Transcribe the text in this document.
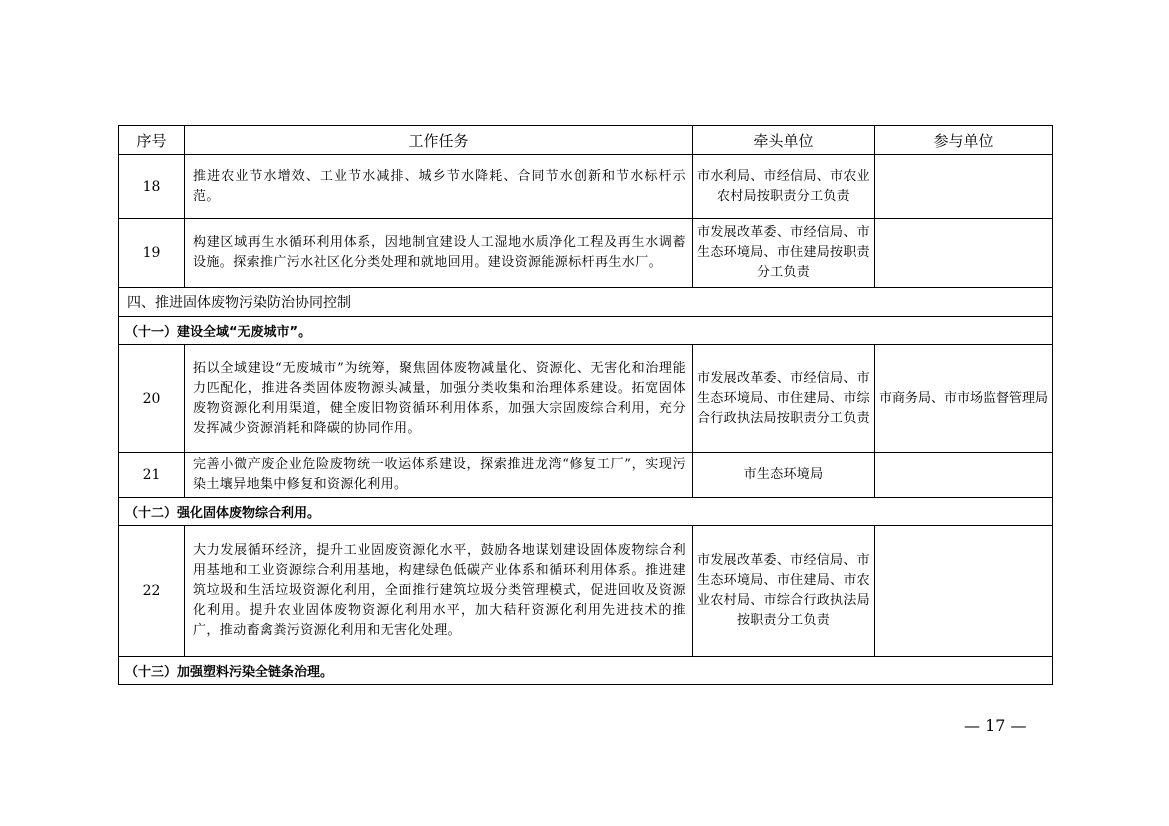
序号	工作任务	牵头单位	参与单位
18	推进农业节水增效、工业节水减排、城乡节水降耗、合同节水创新和节水标杆示范。	市水利局、市经信局、市农业农村局按职责分工负责	
19	构建区域再生水循环利用体系，因地制宜建设人工湿地水质净化工程及再生水调蓄设施。探索推广污水社区化分类处理和就地回用。建设资源能源标杆再生水厂。	市发展改革委、市经信局、市生态环境局、市住建局按职责分工负责	
四、推进固体废物污染防治协同控制			
（十一）建设全域“无废城市”。			
20	拓以全域建设“无废城市”为统筹，聚焦固体废物减量化、资源化、无害化和治理能力匹配化，推进各类固体废物源头减量，加强分类收集和治理体系建设。拓宽固体废物资源化利用渠道，健全废旧物资循环利用体系，加强大宗固废综合利用，充分发挥减少资源消耗和降碳的协同作用。	市发展改革委、市经信局、市生态环境局、市住建局、市综合行政执法局按职责分工负责	市商务局、市市场监督管理局
21	完善小微产废企业危险废物统一收运体系建设，探索推进龙湾“修复工厂”，实现污染土壤异地集中修复和资源化利用。	市生态环境局	
（十二）强化固体废物综合利用。			
22	大力发展循环经济，提升工业固废资源化水平，鼓励各地谋划建设固体废物综合利用基地和工业资源综合利用基地，构建绿色低碳产业体系和循环利用体系。推进建筑垃圾和生活垃圾资源化利用，全面推行建筑垃圾分类管理模式，促进回收及资源化利用。提升农业固体废物资源化利用水平，加大秸秆资源化利用先进技术的推广，推动畜禽粪污资源化利用和无害化处理。	市发展改革委、市经信局、市生态环境局、市住建局、市农业农村局、市综合行政执法局按职责分工负责	
（十三）加强塑料污染全链条治理。			
— 17 —
